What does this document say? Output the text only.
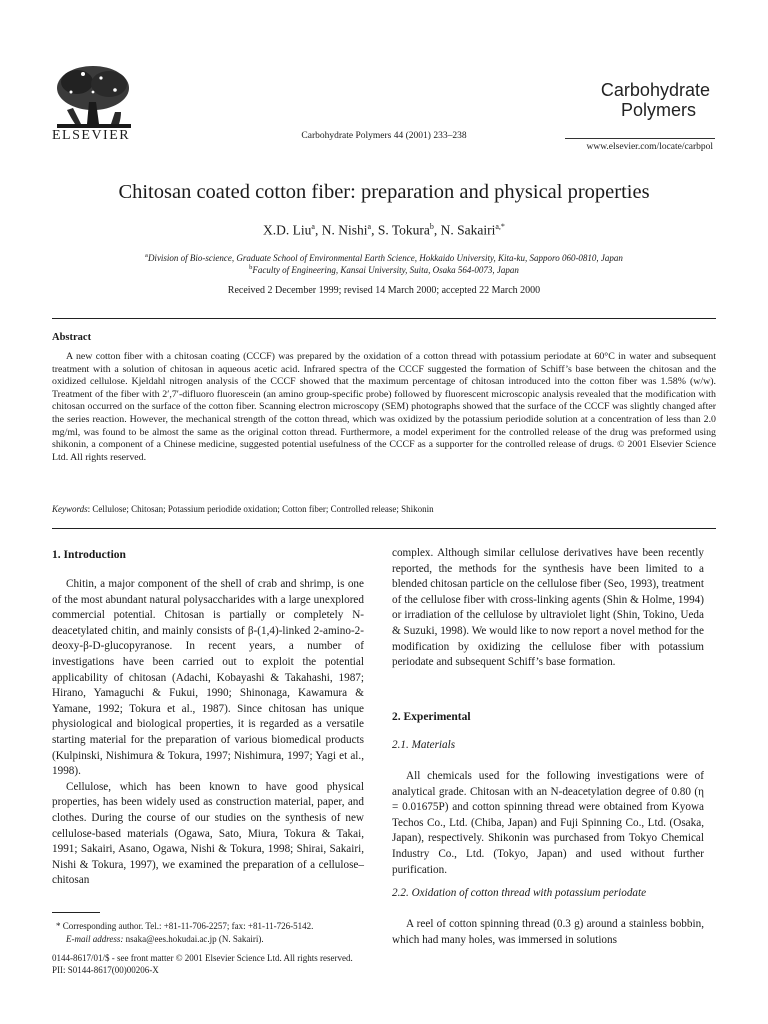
ELSEVIER	Carbohydrate Polymers 44 (2001) 233–238
Carbohydrate
Polymers
www.elsevier.com/locate/carbpol
Chitosan coated cotton fiber: preparation and physical properties
X.D. Liu$^a$, N. Nishi$^a$, S. Tokura$^b$, N. Sakairi$^{a,*}$
$^a$Division of Bio-science, Graduate School of Environmental Earth Science, Hokkaido University, Kita-ku, Sapporo 060-0810, Japan
$^b$Faculty of Engineering, Kansai University, Suita, Osaka 564-0073, Japan
Received 2 December 1999; revised 14 March 2000; accepted 22 March 2000
Abstract
A new cotton fiber with a chitosan coating (CCCF) was prepared by the oxidation of a cotton thread with potassium periodate at 60°C in water and subsequent treatment with a solution of chitosan in aqueous acetic acid. Infrared spectra of the CCCF suggested the formation of Schiff’s base between the chitosan and the oxidized cellulose. Kjeldahl nitrogen analysis of the CCCF showed that the maximum percentage of chitosan introduced into the cotton fiber was 1.58% (w/w). Treatment of the fiber with 2′,7′-difluoro fluorescein (an amino group-specific probe) followed by fluorescent microscopic analysis revealed that the modification with chitosan occurred on the surface of the cotton fiber. Scanning electron microscopy (SEM) photographs showed that the surface of the CCCF was slightly changed after the series reaction. However, the mechanical strength of the cotton thread, which was oxidized by the potassium periodide solution at a concentration of less than 2.0 mg/ml, was found to be almost the same as the original cotton thread. Furthermore, a model experiment for the controlled release of the drug was preformed using shikonin, a component of a Chinese medicine, suggested potential usefulness of the CCCF as a supporter for the controlled release of drugs. © 2001 Elsevier Science Ltd. All rights reserved.
Keywords: Cellulose; Chitosan; Potassium periodide oxidation; Cotton fiber; Controlled release; Shikonin
1. Introduction

Chitin, a major component of the shell of crab and shrimp, is one of the most abundant natural polysaccharides with a large unexplored commercial potential. Chitosan is partially or completely N-deacetylated chitin, and mainly consists of β-(1,4)-linked 2-amino-2-deoxy-β-D-glucopyranose. In recent years, a number of investigations have been carried out to exploit the potential applicability of chitosan (Adachi, Kobayashi & Takahashi, 1987; Hirano, Yamaguchi & Fukui, 1990; Shinonaga, Kawamura & Yamane, 1992; Tokura et al., 1987). Since chitosan has unique physiological and biological properties, it is regarded as a versatile starting material for the preparation of various biomedical products (Kulpinski, Nishimura & Tokura, 1997; Nishimura, 1997; Yagi et al., 1998).

Cellulose, which has been known to have good physical properties, has been widely used as construction material, paper, and clothes. During the course of our studies on the synthesis of new cellulose-based materials (Ogawa, Sato, Miura, Tokura & Takai, 1991; Sakairi, Asano, Ogawa, Nishi & Tokura, 1998; Shirai, Sakairi, Nishi & Tokura, 1997), we examined the preparation of a cellulose–chitosan

complex. Although similar cellulose derivatives have been recently reported, the methods for the synthesis have been limited to a blended chitosan particle on the cellulose fiber (Seo, 1993), treatment of the cellulose fiber with cross-linking agents (Shin & Holme, 1994) or irradiation of the cellulose by ultraviolet light (Shin, Tokino, Ueda & Suzuki, 1998). We would like to now report a novel method for the modification by oxidizing the cellulose fiber with potassium periodate and subsequent Schiff’s base formation.

2. Experimental
2.1. Materials

All chemicals used for the following investigations were of analytical grade. Chitosan with an N-deacetylation degree of 0.80 (η = 0.01675P) and cotton spinning thread were obtained from Kyowa Techos Co., Ltd. (Chiba, Japan) and Fuji Spinning Co., Ltd. (Osaka, Japan), respectively. Shikonin was purchased from Tokyo Chemical Industry Co., Ltd. (Tokyo, Japan) and used without further purification.

2.2. Oxidation of cotton thread with potassium periodate

A reel of cotton spinning thread (0.3 g) around a stainless bobbin, which had many holes, was immersed in solutions

* Corresponding author. Tel.: +81-11-706-2257; fax: +81-11-726-5142.
E-mail address: nsaka@ees.hokudai.ac.jp (N. Sakairi).
0144-8617/01/$ - see front matter © 2001 Elsevier Science Ltd. All rights reserved.
PII: S0144-8617(00)00206-X
